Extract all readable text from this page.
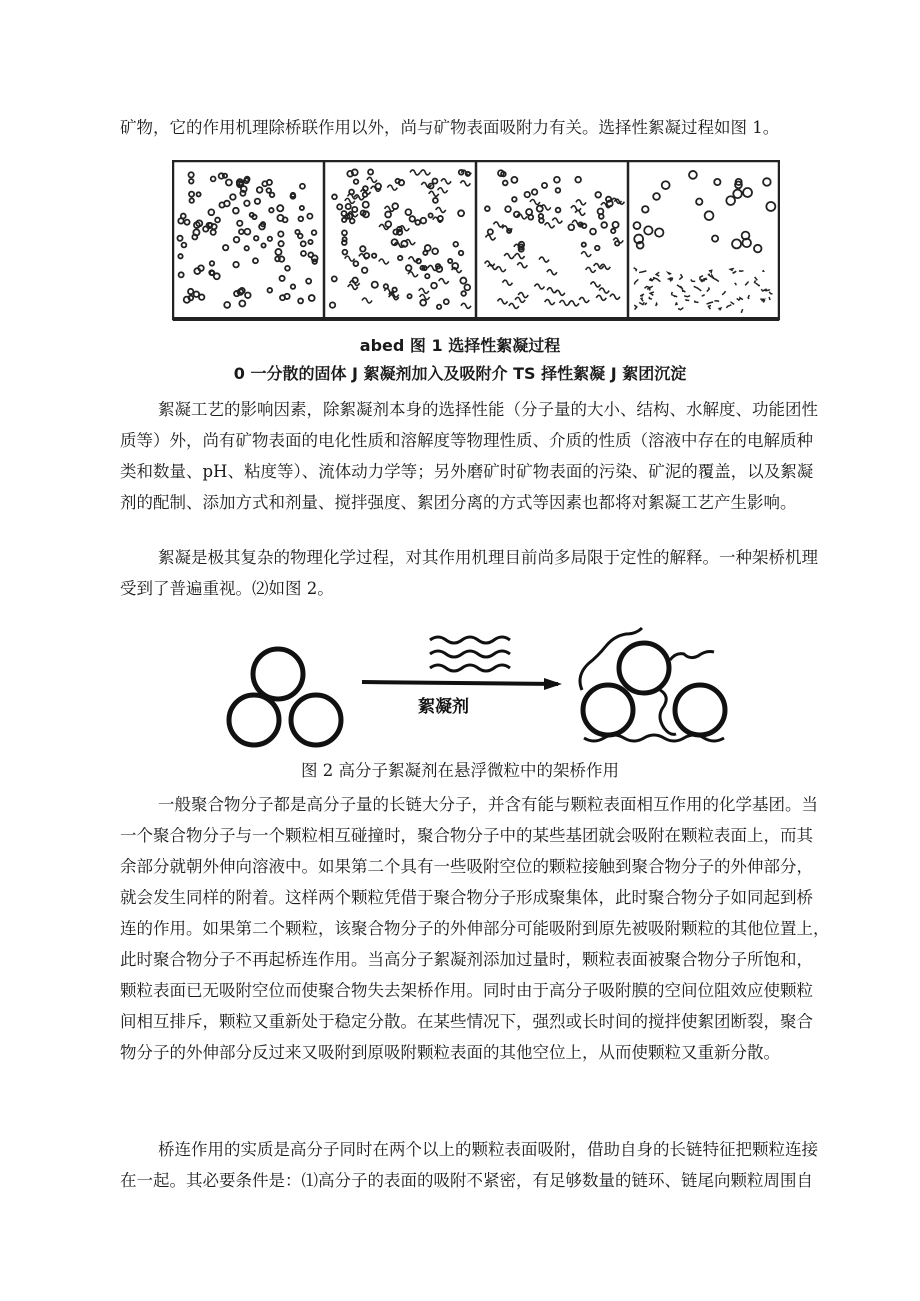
矿物，它的作用机理除桥联作用以外，尚与矿物表面吸附力有关。选择性絮凝过程如图 1。

abed 图 1 选择性絮凝过程

0 一分散的固体 J 絮凝剂加入及吸附介 TS 择性絮凝 J 絮团沉淀

絮凝工艺的影响因素，除絮凝剂本身的选择性能（分子量的大小、结构、水解度、功能团性
质等）外，尚有矿物表面的电化性质和溶解度等物理性质、介质的性质（溶液中存在的电解质种
类和数量、pH、粘度等）、流体动力学等；另外磨矿时矿物表面的污染、矿泥的覆盖，以及絮凝
剂的配制、添加方式和剂量、搅拌强度、絮团分离的方式等因素也都将对絮凝工艺产生影响。

絮凝是极其复杂的物理化学过程，对其作用机理目前尚多局限于定性的解释。一种架桥机理
受到了普遍重视。⑵如图 2。

絮凝剂

图 2 高分子絮凝剂在悬浮微粒中的架桥作用

一般聚合物分子都是高分子量的长链大分子，并含有能与颗粒表面相互作用的化学基团。当
一个聚合物分子与一个颗粒相互碰撞时，聚合物分子中的某些基团就会吸附在颗粒表面上，而其
余部分就朝外伸向溶液中。如果第二个具有一些吸附空位的颗粒接触到聚合物分子的外伸部分，
就会发生同样的附着。这样两个颗粒凭借于聚合物分子形成聚集体，此时聚合物分子如同起到桥
连的作用。如果第二个颗粒，该聚合物分子的外伸部分可能吸附到原先被吸附颗粒的其他位置上，
此时聚合物分子不再起桥连作用。当高分子絮凝剂添加过量时，颗粒表面被聚合物分子所饱和，
颗粒表面已无吸附空位而使聚合物失去架桥作用。同时由于高分子吸附膜的空间位阻效应使颗粒
间相互排斥，颗粒又重新处于稳定分散。在某些情况下，强烈或长时间的搅拌使絮团断裂，聚合
物分子的外伸部分反过来又吸附到原吸附颗粒表面的其他空位上，从而使颗粒又重新分散。

桥连作用的实质是高分子同时在两个以上的颗粒表面吸附，借助自身的长链特征把颗粒连接
在一起。其必要条件是：⑴高分子的表面的吸附不紧密，有足够数量的链环、链尾向颗粒周围自
